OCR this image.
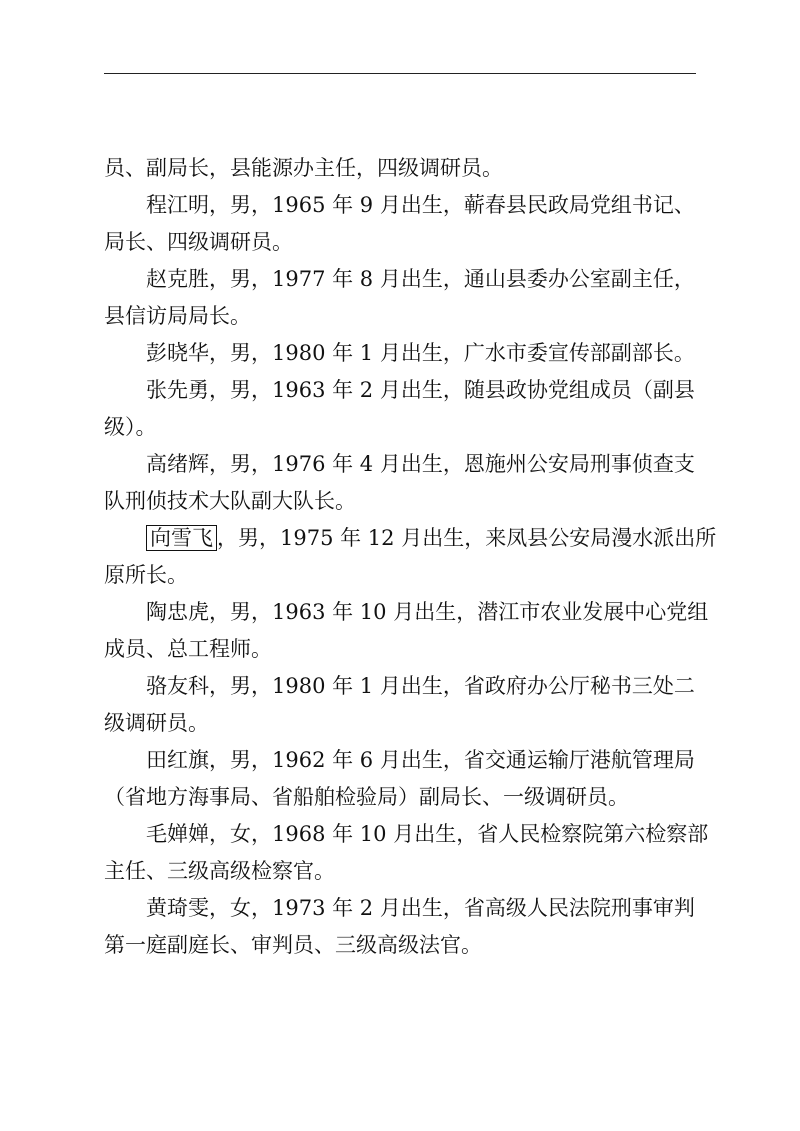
员、副局长，县能源办主任，四级调研员。
程江明，男，1965 年 9 月出生，蕲春县民政局党组书记、
局长、四级调研员。
赵克胜，男，1977 年 8 月出生，通山县委办公室副主任，
县信访局局长。
彭晓华，男，1980 年 1 月出生，广水市委宣传部副部长。
张先勇，男，1963 年 2 月出生，随县政协党组成员（副县
级）。
高绪辉，男，1976 年 4 月出生，恩施州公安局刑事侦查支
队刑侦技术大队副大队长。
向雪飞 ，男，1975 年 12 月出生，来凤县公安局漫水派出所
原所长。
陶忠虎，男，1963 年 10 月出生，潜江市农业发展中心党组
成员、总工程师。
骆友科，男，1980 年 1 月出生，省政府办公厅秘书三处二
级调研员。
田红旗，男，1962 年 6 月出生，省交通运输厅港航管理局
（省地方海事局、省船舶检验局）副局长、一级调研员。
毛婵婵，女，1968 年 10 月出生，省人民检察院第六检察部
主任、三级高级检察官。
黄琦雯，女，1973 年 2 月出生，省高级人民法院刑事审判
第一庭副庭长、审判员、三级高级法官。
